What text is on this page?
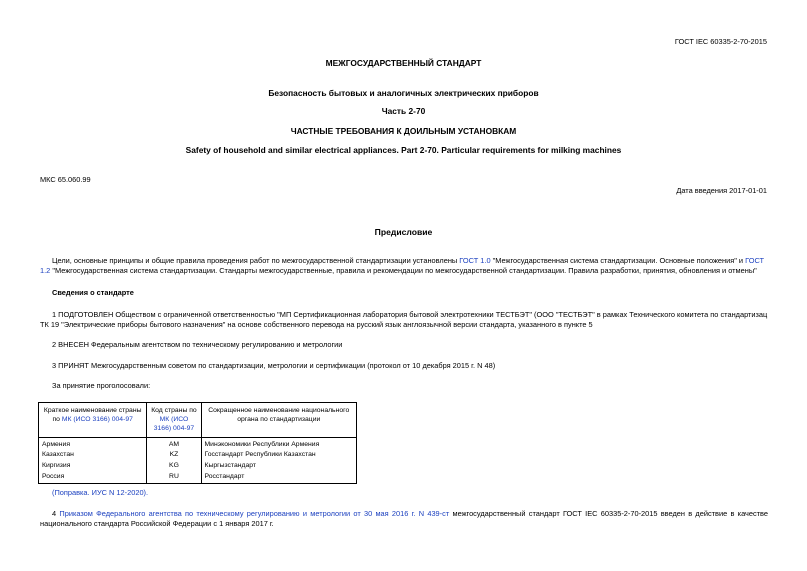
ГОСТ IEC 60335-2-70-2015
МЕЖГОСУДАРСТВЕННЫЙ СТАНДАРТ
Безопасность бытовых и аналогичных электрических приборов
Часть 2-70
ЧАСТНЫЕ ТРЕБОВАНИЯ К ДОИЛЬНЫМ УСТАНОВКАМ
Safety of household and similar electrical appliances. Part 2-70. Particular requirements for milking machines
МКС 65.060.99
Дата введения 2017-01-01
Предисловие
Цели, основные принципы и общие правила проведения работ по межгосударственной стандартизации установлены ГОСТ 1.0 "Межгосударственная система стандартизации. Основные положения" и ГОСТ 1.2 "Межгосударственная система стандартизации. Стандарты межгосударственные, правила и рекомендации по межгосударственной стандартизации. Правила разработки, принятия, обновления и отмены"
Сведения о стандарте
1 ПОДГОТОВЛЕН Обществом с ограниченной ответственностью "МП Сертификационная лаборатория бытовой электротехники ТЕСТБЭТ" (ООО "ТЕСТБЭТ" в рамках Технического комитета по стандартизац ТК 19 "Электрические приборы бытового назначения" на основе собственного перевода на русский язык англоязычной версии стандарта, указанного в пункте 5
2 ВНЕСЕН Федеральным агентством по техническому регулированию и метрологии
3 ПРИНЯТ Межгосударственным советом по стандартизации, метрологии и сертификации (протокол от 10 декабря 2015 г. N 48)
За принятие проголосовали:
Краткое наименование страны по МК (ИСО 3166) 004-97	Код страны по МК (ИСО 3166) 004-97	Сокращенное наименование национального органа по стандартизации
Армения	AM	Минэкономики Республики Армения
Казахстан	KZ	Госстандарт Республики Казахстан
Киргизия	KG	Кыргызстандарт
Россия	RU	Росстандарт
(Поправка. ИУС N 12-2020).
4 Приказом Федерального агентства по техническому регулированию и метрологии от 30 мая 2016 г. N 439-ст межгосударственный стандарт ГОСТ IEC 60335-2-70-2015 введен в действие в качестве национального стандарта Российской Федерации с 1 января 2017 г.
